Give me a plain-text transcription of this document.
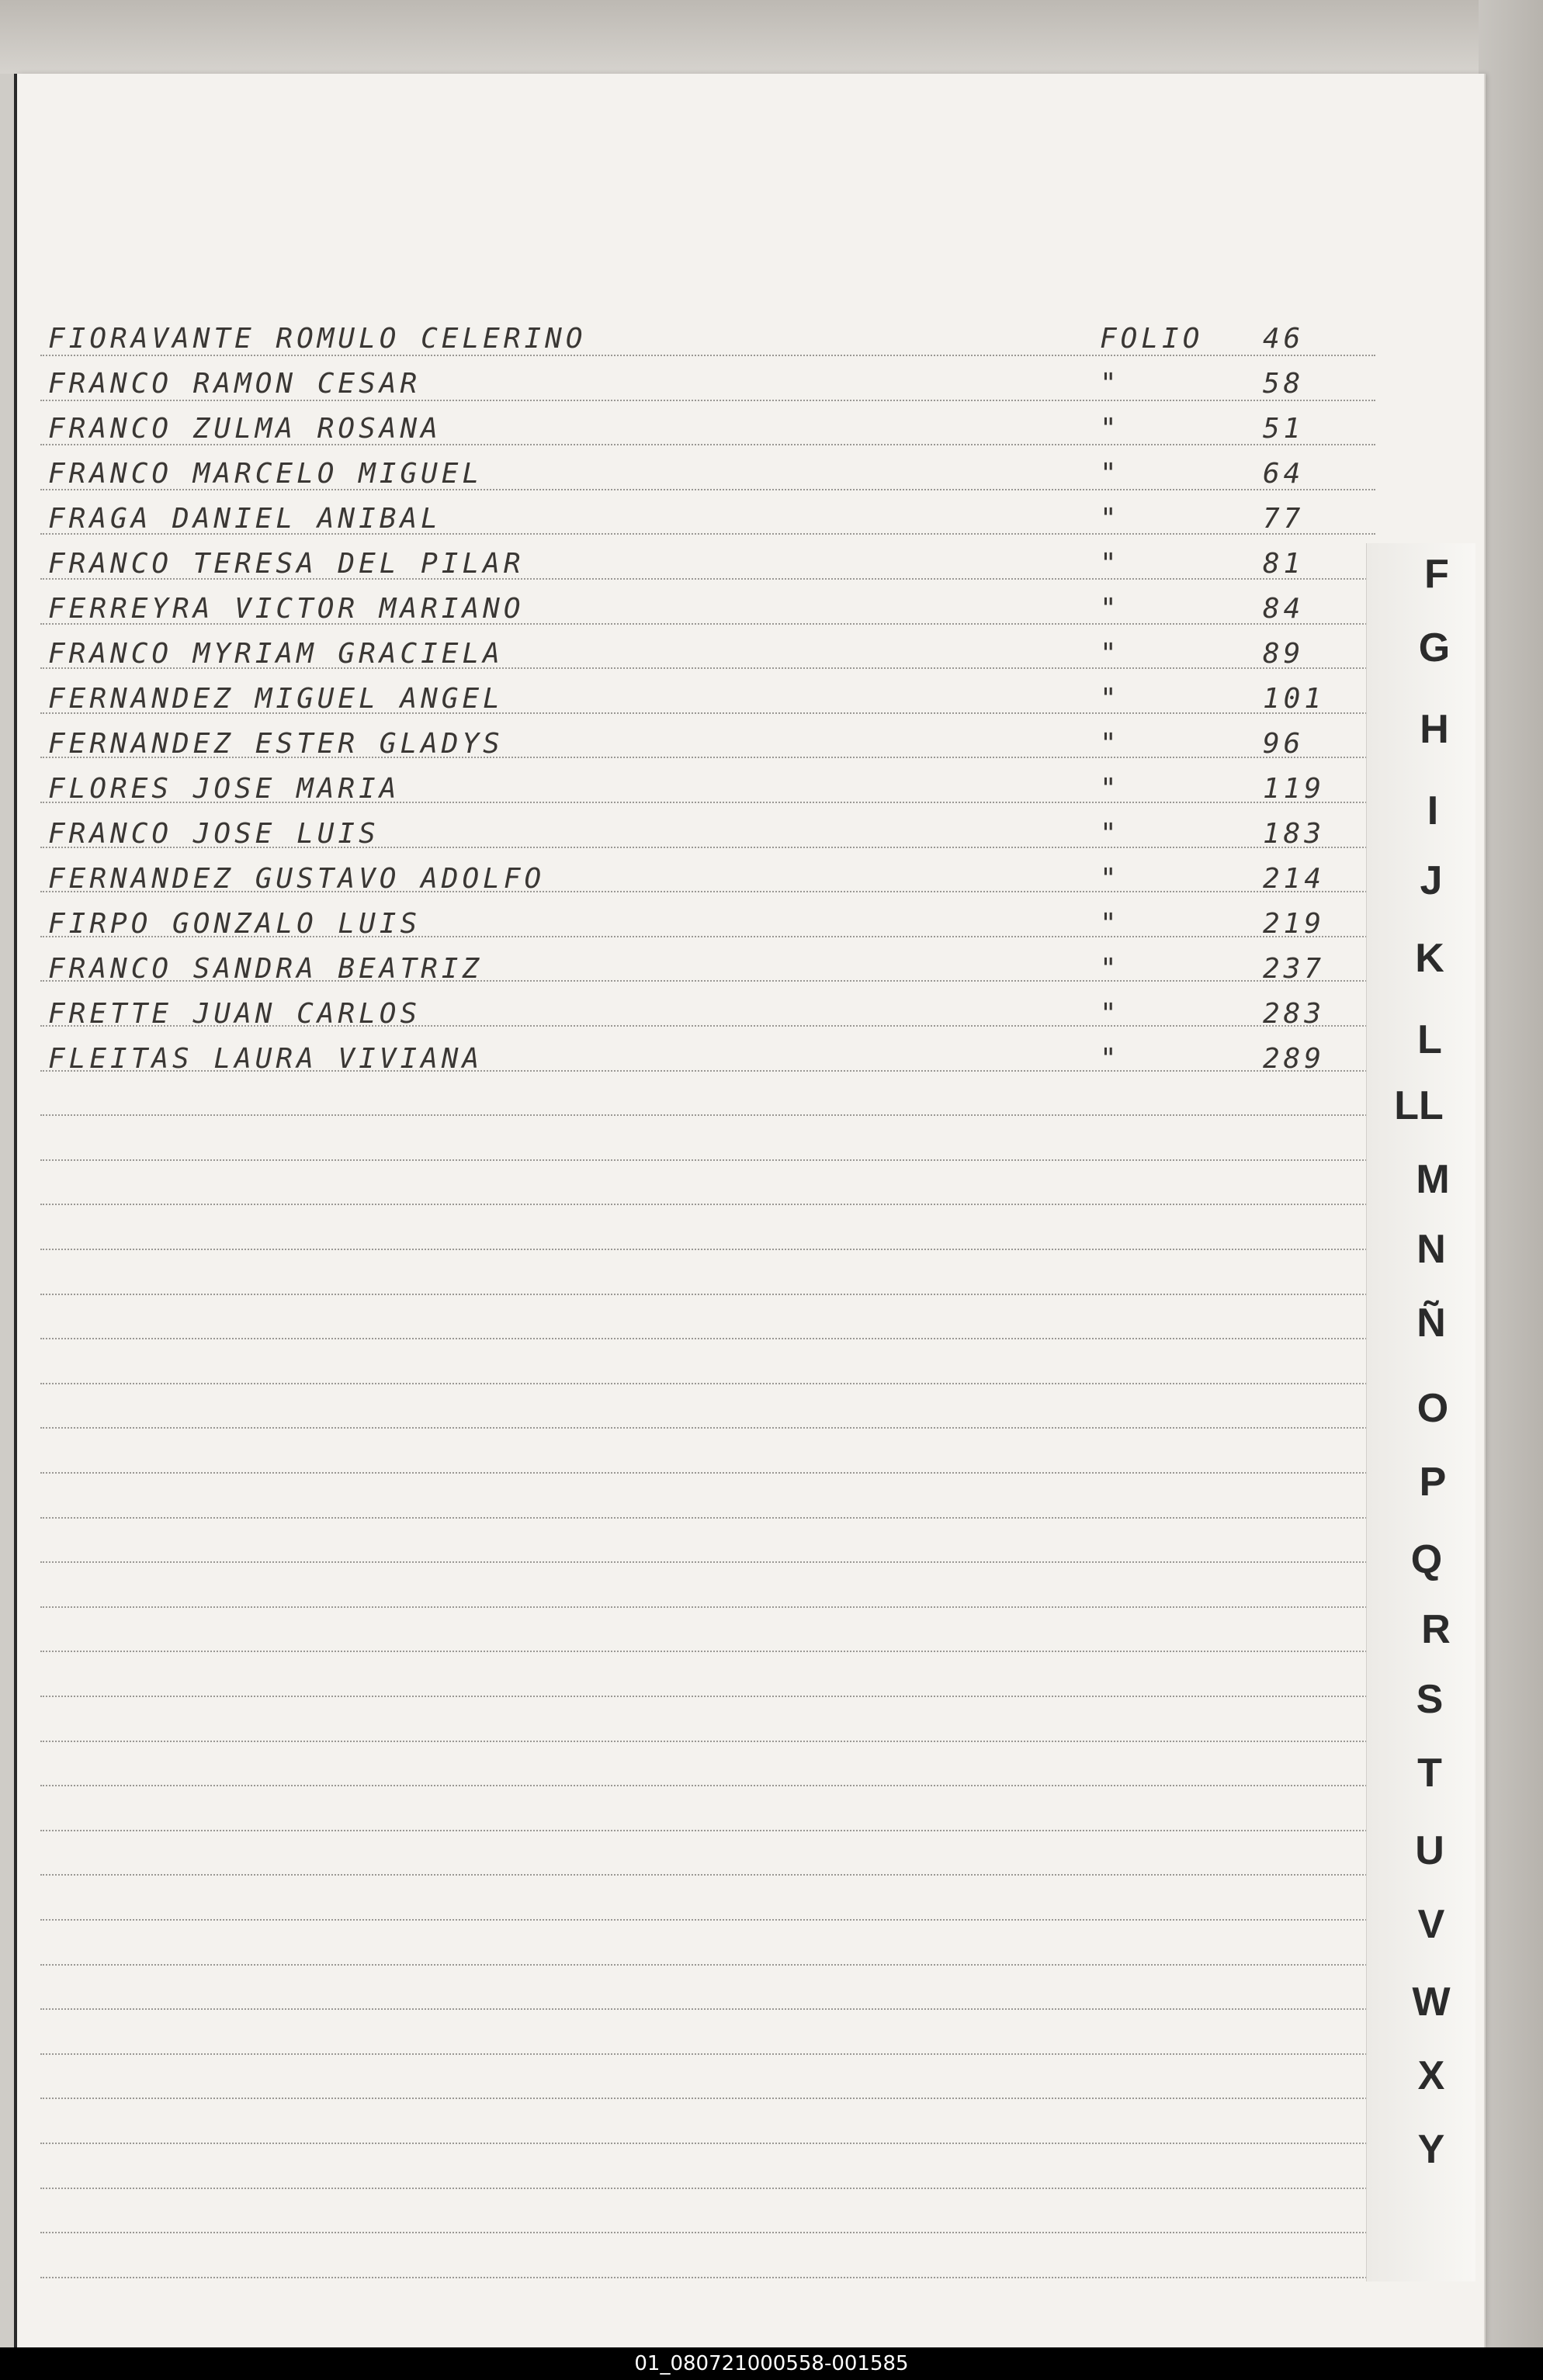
FIORAVANTE ROMULO CELERINO	FOLIO 46
FRANCO RAMON CESAR	"	58
FRANCO ZULMA ROSANA	"	51
FRANCO MARCELO MIGUEL	"	64
FRAGA DANIEL ANIBAL	"	77
FRANCO TERESA DEL PILAR	"	81
FERREYRA VICTOR MARIANO	"	84
FRANCO MYRIAM GRACIELA	"	89
FERNANDEZ MIGUEL ANGEL	"	101
FERNANDEZ ESTER GLADYS	"	96
FLORES JOSE MARIA	"	119
FRANCO JOSE LUIS	"	183
FERNANDEZ GUSTAVO ADOLFO	"	214
FIRPO GONZALO LUIS	"	219
FRANCO SANDRA BEATRIZ	"	237
FRETTE JUAN CARLOS	"	283
FLEITAS LAURA VIVIANA	"	289
F
G
H
I
J
K
L
LL
M
N
Ñ
O
P
Q
R
S
T
U
V
W
X
Y
01_080721000558-001585
